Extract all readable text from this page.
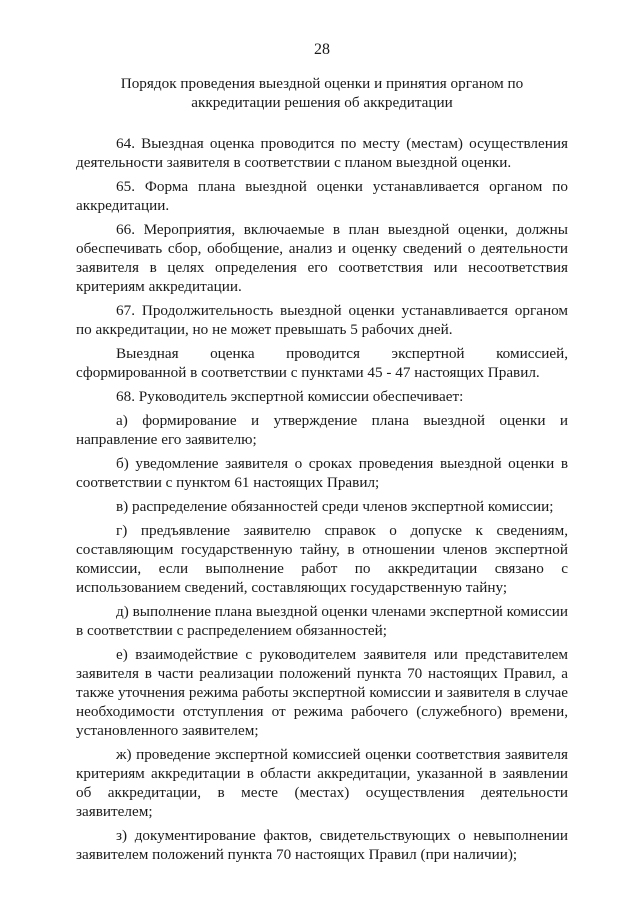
28
Порядок проведения выездной оценки и принятия органом по
аккредитации решения об аккредитации

64. Выездная оценка проводится по месту (местам) осуществления деятельности заявителя в соответствии с планом выездной оценки.

65. Форма плана выездной оценки устанавливается органом по аккредитации.

66. Мероприятия, включаемые в план выездной оценки, должны обеспечивать сбор, обобщение, анализ и оценку сведений о деятельности заявителя в целях определения его соответствия или несоответствия критериям аккредитации.

67. Продолжительность выездной оценки устанавливается органом по аккредитации, но не может превышать 5 рабочих дней.

Выездная оценка проводится экспертной комиссией, сформированной в соответствии с пунктами 45 - 47 настоящих Правил.

68. Руководитель экспертной комиссии обеспечивает:

а) формирование и утверждение плана выездной оценки и направление его заявителю;

б) уведомление заявителя о сроках проведения выездной оценки в соответствии с пунктом 61 настоящих Правил;

в) распределение обязанностей среди членов экспертной комиссии;

г) предъявление заявителю справок о допуске к сведениям, составляющим государственную тайну, в отношении членов экспертной комиссии, если выполнение работ по аккредитации связано с использованием сведений, составляющих государственную тайну;

д) выполнение плана выездной оценки членами экспертной комиссии в соответствии с распределением обязанностей;

е) взаимодействие с руководителем заявителя или представителем заявителя в части реализации положений пункта 70 настоящих Правил, а также уточнения режима работы экспертной комиссии и заявителя в случае необходимости отступления от режима рабочего (служебного) времени, установленного заявителем;

ж) проведение экспертной комиссией оценки соответствия заявителя критериям аккредитации в области аккредитации, указанной в заявлении об аккредитации, в месте (местах) осуществления деятельности заявителем;

з) документирование фактов, свидетельствующих о невыполнении заявителем положений пункта 70 настоящих Правил (при наличии);
